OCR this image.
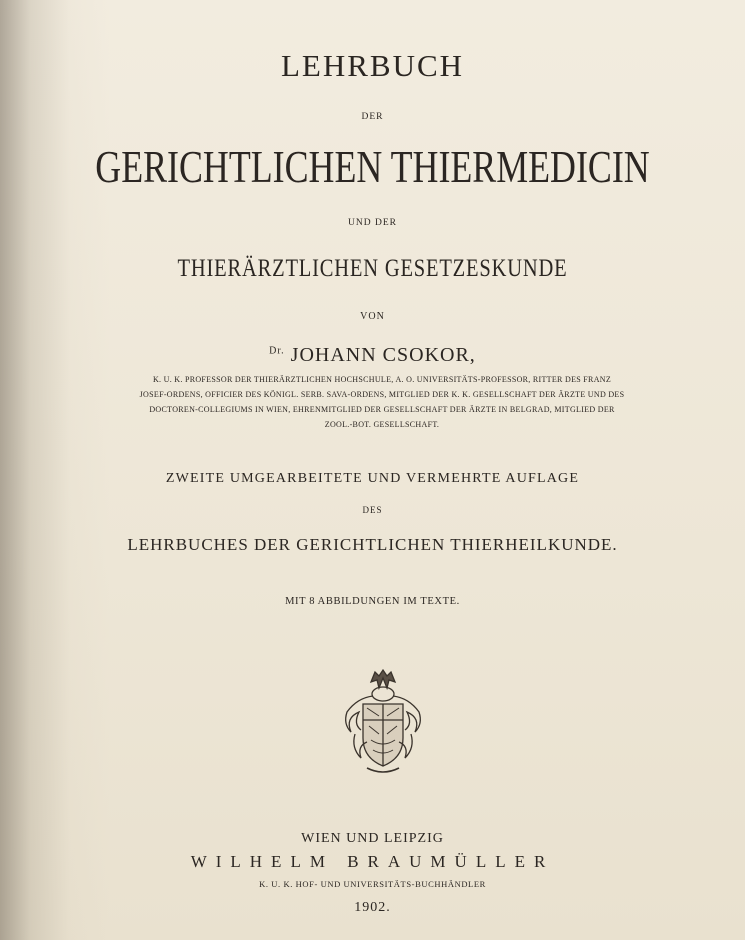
LEHRBUCH
DER
GERICHTLICHEN THIERMEDICIN
UND DER
THIERÄRZTLICHEN GESETZESKUNDE
VON
$^{Dr.}$ JOHANN CSOKOR,
K. U. K. PROFESSOR DER THIERÄRZTLICHEN HOCHSCHULE, A. O. UNIVERSITÄTS-PROFESSOR, RITTER DES FRANZ
JOSEF-ORDENS, OFFICIER DES KÖNIGL. SERB. SAVA-ORDENS, MITGLIED DER K. K. GESELLSCHAFT DER ÄRZTE UND DES
DOCTOREN-COLLEGIUMS IN WIEN, EHRENMITGLIED DER GESELLSCHAFT DER ÄRZTE IN BELGRAD, MITGLIED DER
ZOOL.-BOT. GESELLSCHAFT.
ZWEITE UMGEARBEITETE UND VERMEHRTE AUFLAGE
DES
LEHRBUCHES DER GERICHTLICHEN THIERHEILKUNDE.
MIT 8 ABBILDUNGEN IM TEXTE.
WIEN UND LEIPZIG
WILHELM BRAUMÜLLER
K. U. K. HOF- UND UNIVERSITÄTS-BUCHHÄNDLER
1902.
